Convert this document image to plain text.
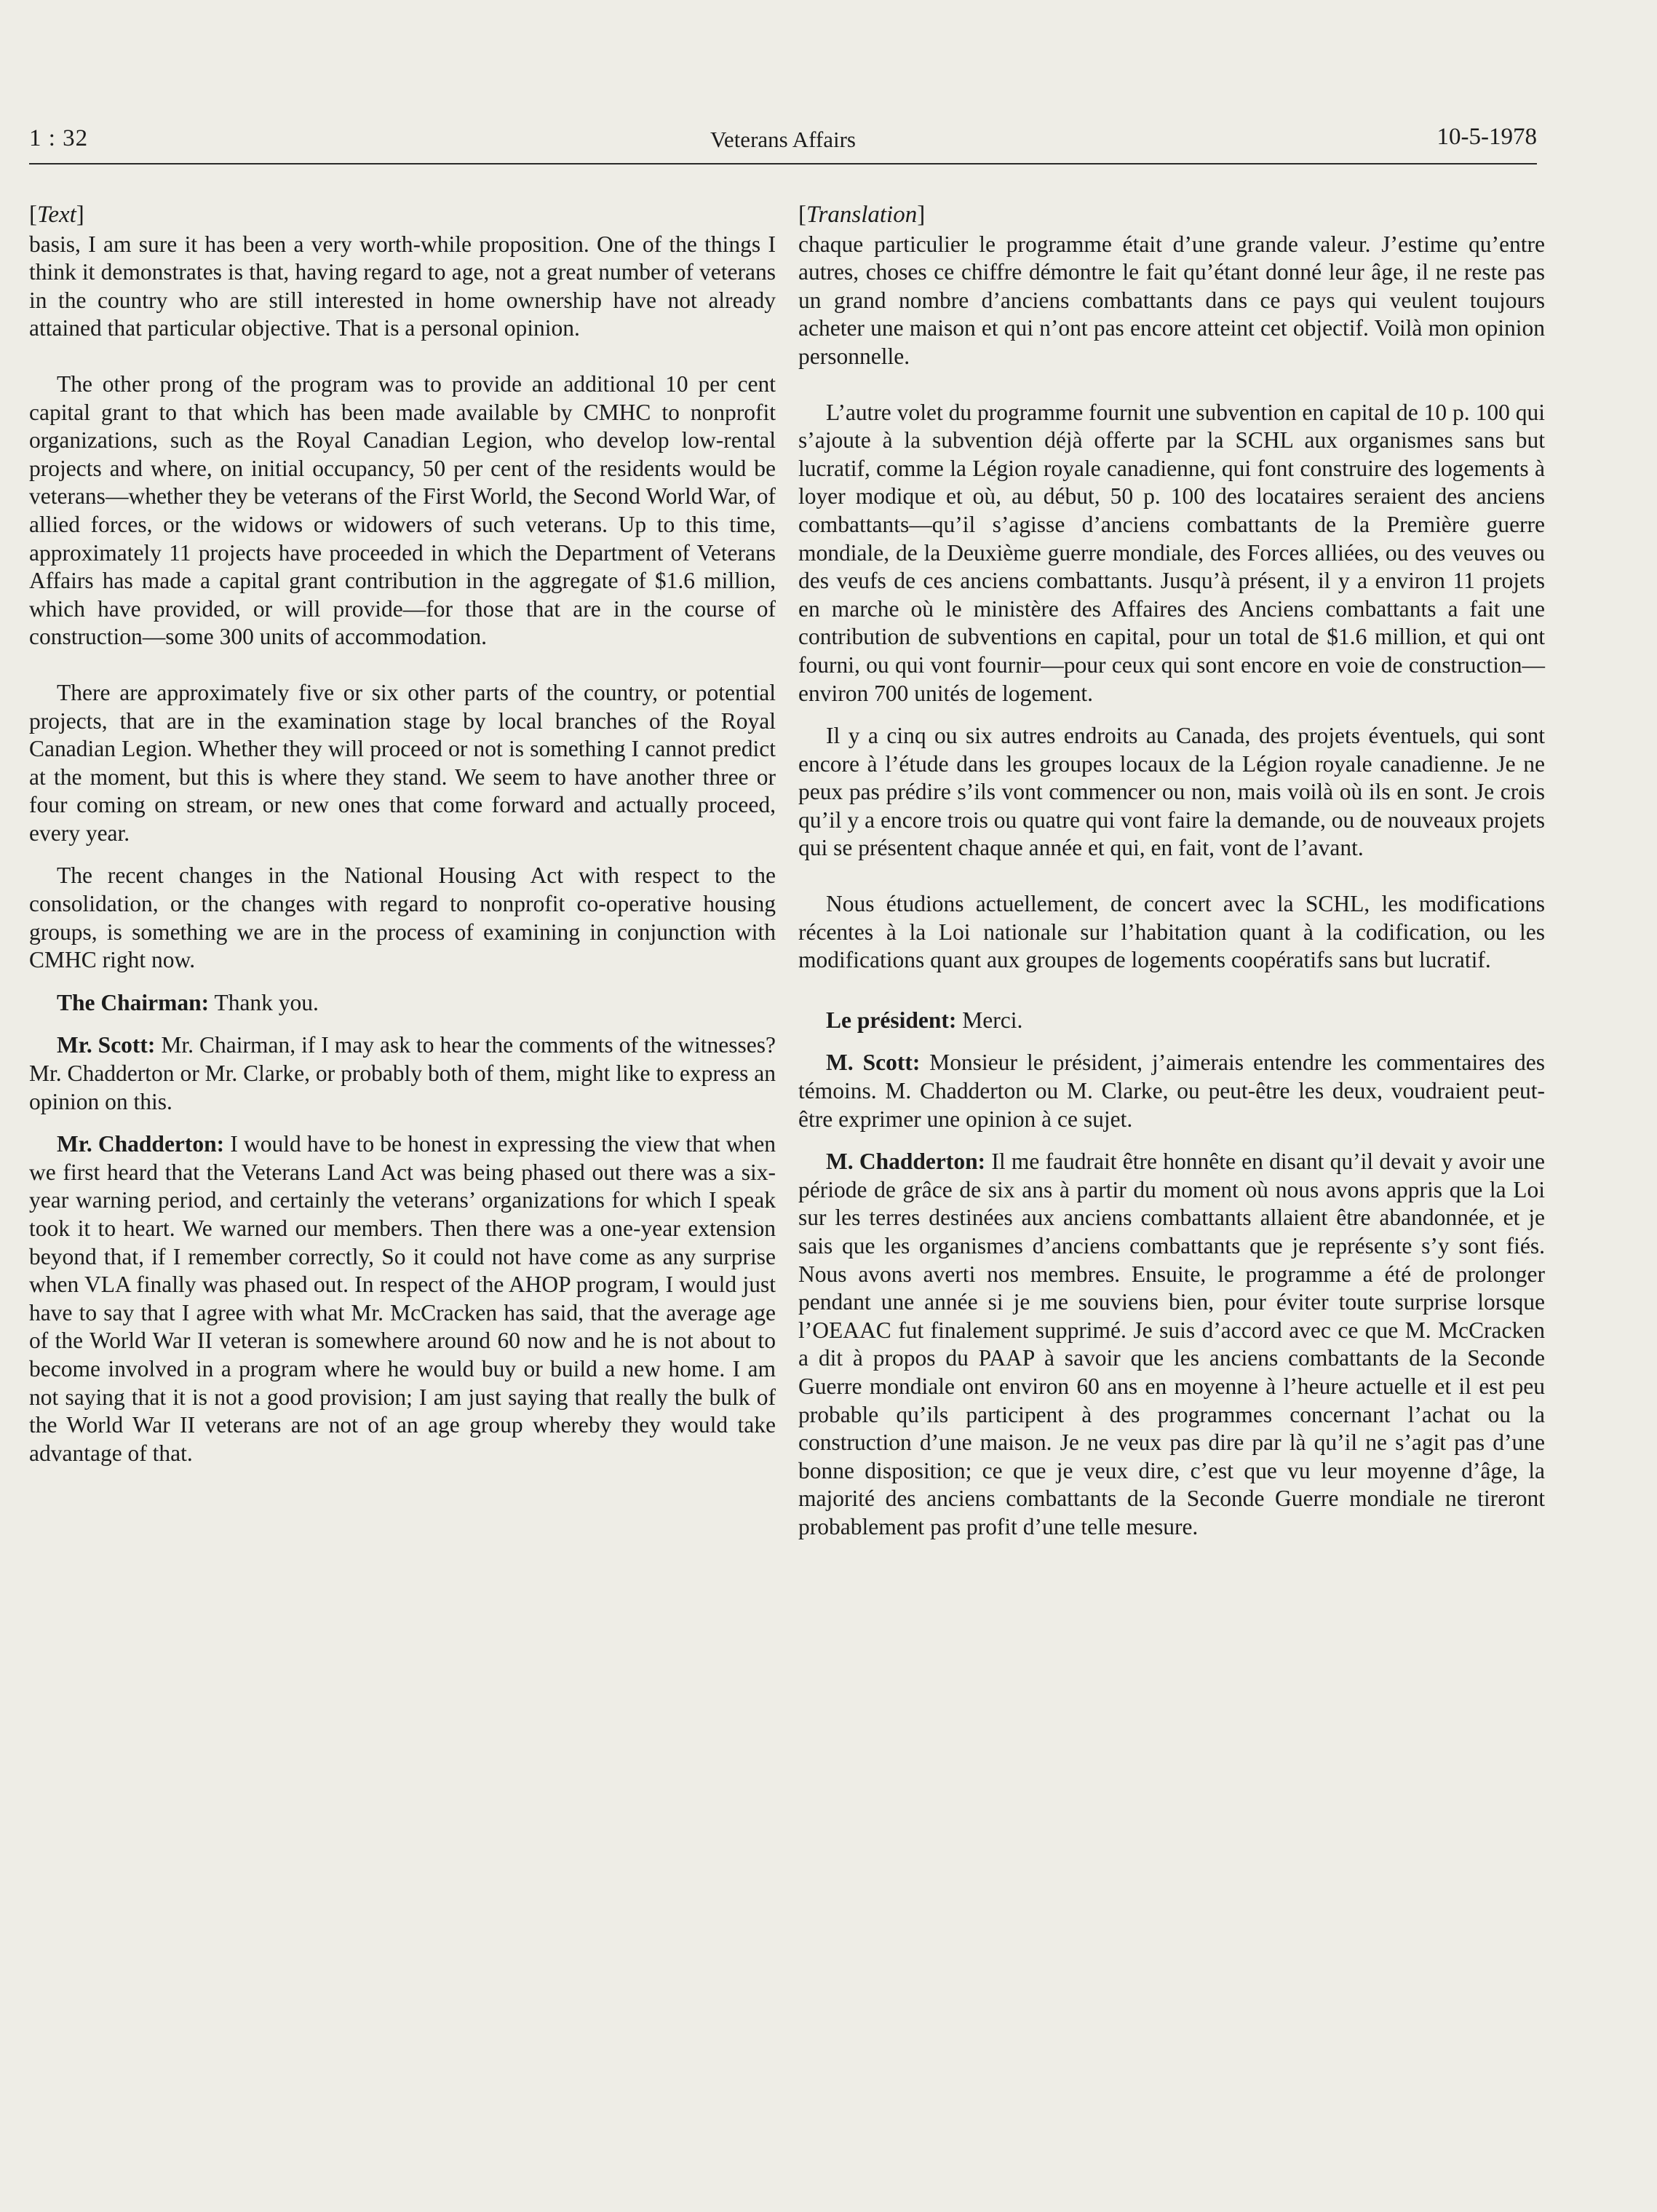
1 : 32	Veterans Affairs	10-5-1978
[Text]

basis, I am sure it has been a very worth-while proposition. One of the things I think it demonstrates is that, having regard to age, not a great number of veterans in the country who are still interested in home ownership have not already attained that particular objective. That is a personal opinion.

The other prong of the program was to provide an additional 10 per cent capital grant to that which has been made available by CMHC to nonprofit organizations, such as the Royal Canadian Legion, who develop low-rental projects and where, on initial occupancy, 50 per cent of the residents would be veterans—whether they be veterans of the First World, the Second World War, of allied forces, or the widows or widowers of such veterans. Up to this time, approximately 11 projects have proceeded in which the Department of Veterans Affairs has made a capital grant contribution in the aggregate of $1.6 million, which have provided, or will provide—for those that are in the course of construction—some 300 units of accommodation.

There are approximately five or six other parts of the country, or potential projects, that are in the examination stage by local branches of the Royal Canadian Legion. Whether they will proceed or not is something I cannot predict at the moment, but this is where they stand. We seem to have another three or four coming on stream, or new ones that come forward and actually proceed, every year.

The recent changes in the National Housing Act with respect to the consolidation, or the changes with regard to nonprofit co-operative housing groups, is something we are in the process of examining in conjunction with CMHC right now.

The Chairman: Thank you.

Mr. Scott: Mr. Chairman, if I may ask to hear the comments of the witnesses? Mr. Chadderton or Mr. Clarke, or probably both of them, might like to express an opinion on this.

Mr. Chadderton: I would have to be honest in expressing the view that when we first heard that the Veterans Land Act was being phased out there was a six-year warning period, and certainly the veterans’ organizations for which I speak took it to heart. We warned our members. Then there was a one-year extension beyond that, if I remember correctly, So it could not have come as any surprise when VLA finally was phased out. In respect of the AHOP program, I would just have to say that I agree with what Mr. McCracken has said, that the average age of the World War II veteran is somewhere around 60 now and he is not about to become involved in a program where he would buy or build a new home. I am not saying that it is not a good provision; I am just saying that really the bulk of the World War II veterans are not of an age group whereby they would take advantage of that.

[Translation]

chaque particulier le programme était d’une grande valeur. J’estime qu’entre autres, choses ce chiffre démontre le fait qu’étant donné leur âge, il ne reste pas un grand nombre d’anciens combattants dans ce pays qui veulent toujours acheter une maison et qui n’ont pas encore atteint cet objectif. Voilà mon opinion personnelle.

L’autre volet du programme fournit une subvention en capital de 10 p. 100 qui s’ajoute à la subvention déjà offerte par la SCHL aux organismes sans but lucratif, comme la Légion royale canadienne, qui font construire des logements à loyer modique et où, au début, 50 p. 100 des locataires seraient des anciens combattants—qu’il s’agisse d’anciens combattants de la Première guerre mondiale, de la Deuxième guerre mondiale, des Forces alliées, ou des veuves ou des veufs de ces anciens combattants. Jusqu’à présent, il y a environ 11 projets en marche où le ministère des Affaires des Anciens combattants a fait une contribution de subventions en capital, pour un total de $1.6 million, et qui ont fourni, ou qui vont fournir—pour ceux qui sont encore en voie de construction—environ 700 unités de logement.

Il y a cinq ou six autres endroits au Canada, des projets éventuels, qui sont encore à l’étude dans les groupes locaux de la Légion royale canadienne. Je ne peux pas prédire s’ils vont commencer ou non, mais voilà où ils en sont. Je crois qu’il y a encore trois ou quatre qui vont faire la demande, ou de nouveaux projets qui se présentent chaque année et qui, en fait, vont de l’avant.

Nous étudions actuellement, de concert avec la SCHL, les modifications récentes à la Loi nationale sur l’habitation quant à la codification, ou les modifications quant aux groupes de logements coopératifs sans but lucratif.

Le président: Merci.

M. Scott: Monsieur le président, j’aimerais entendre les commentaires des témoins. M. Chadderton ou M. Clarke, ou peut-être les deux, voudraient peut-être exprimer une opinion à ce sujet.

M. Chadderton: Il me faudrait être honnête en disant qu’il devait y avoir une période de grâce de six ans à partir du moment où nous avons appris que la Loi sur les terres destinées aux anciens combattants allaient être abandonnée, et je sais que les organismes d’anciens combattants que je représente s’y sont fiés. Nous avons averti nos membres. Ensuite, le programme a été de prolonger pendant une année si je me souviens bien, pour éviter toute surprise lorsque l’OEAAC fut finalement supprimé. Je suis d’accord avec ce que M. McCracken a dit à propos du PAAP à savoir que les anciens combattants de la Seconde Guerre mondiale ont environ 60 ans en moyenne à l’heure actuelle et il est peu probable qu’ils participent à des programmes concernant l’achat ou la construction d’une maison. Je ne veux pas dire par là qu’il ne s’agit pas d’une bonne disposition; ce que je veux dire, c’est que vu leur moyenne d’âge, la majorité des anciens combattants de la Seconde Guerre mondiale ne tireront probablement pas profit d’une telle mesure.
